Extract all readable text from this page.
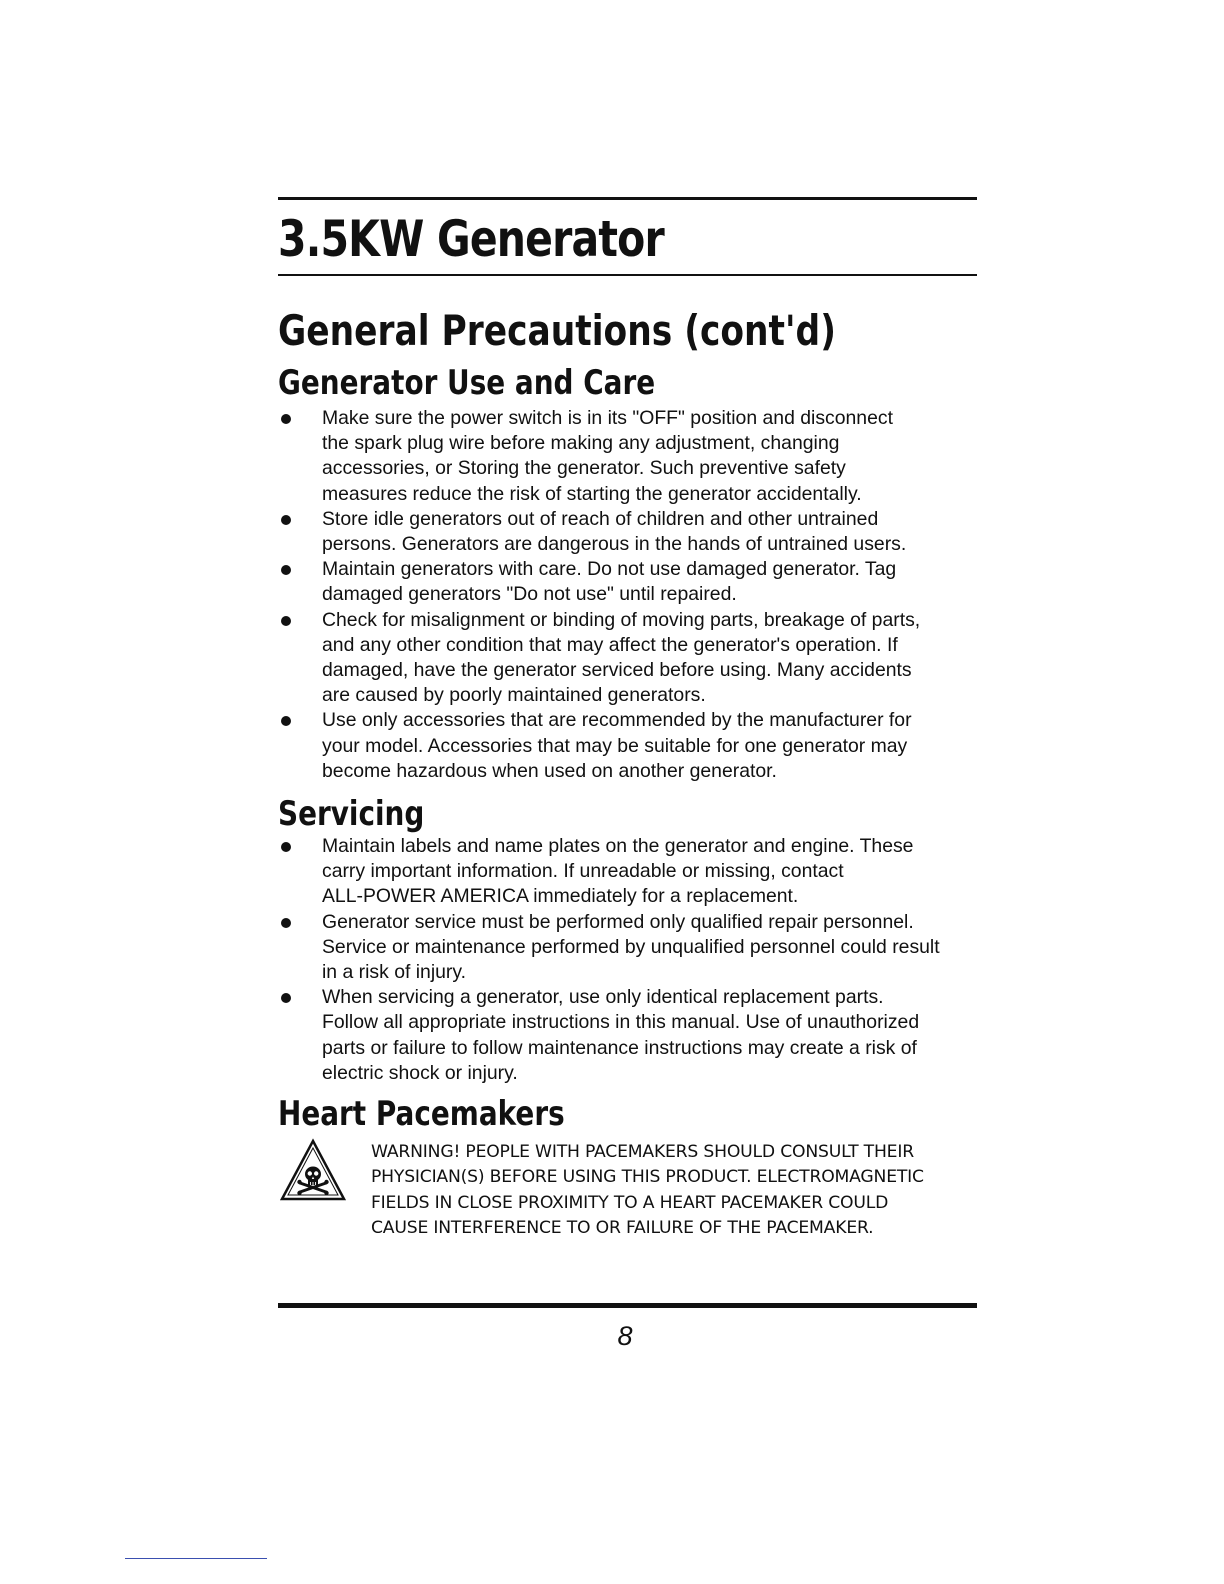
3.5KW Generator
General Precautions (cont'd)
Generator Use and Care
Make sure the power switch is in its "OFF" position and disconnect
the spark plug wire before making any adjustment, changing
accessories, or Storing the generator. Such preventive safety
measures reduce the risk of starting the generator accidentally.
Store idle generators out of reach of children and other untrained
persons. Generators are dangerous in the hands of untrained users.
Maintain generators with care. Do not use damaged generator. Tag
damaged generators "Do not use" until repaired.
Check for misalignment or binding of moving parts, breakage of parts,
and any other condition that may affect the generator's operation. If
damaged, have the generator serviced before using. Many accidents
are caused by poorly maintained generators.
Use only accessories that are recommended by the manufacturer for
your model. Accessories that may be suitable for one generator may
become hazardous when used on another generator.
Servicing
Maintain labels and name plates on the generator and engine. These
carry important information. If unreadable or missing, contact
ALL-POWER AMERICA immediately for a replacement.
Generator service must be performed only qualified repair personnel.
Service or maintenance performed by unqualified personnel could result
in a risk of injury.
When servicing a generator, use only identical replacement parts.
Follow all appropriate instructions in this manual. Use of unauthorized
parts or failure to follow maintenance instructions may create a risk of
electric shock or injury.
Heart Pacemakers

WARNING! PEOPLE WITH PACEMAKERS SHOULD CONSULT THEIR
PHYSICIAN(S) BEFORE USING THIS PRODUCT. ELECTROMAGNETIC
FIELDS IN CLOSE PROXIMITY TO A HEART PACEMAKER COULD
CAUSE INTERFERENCE TO OR FAILURE OF THE PACEMAKER.

8
